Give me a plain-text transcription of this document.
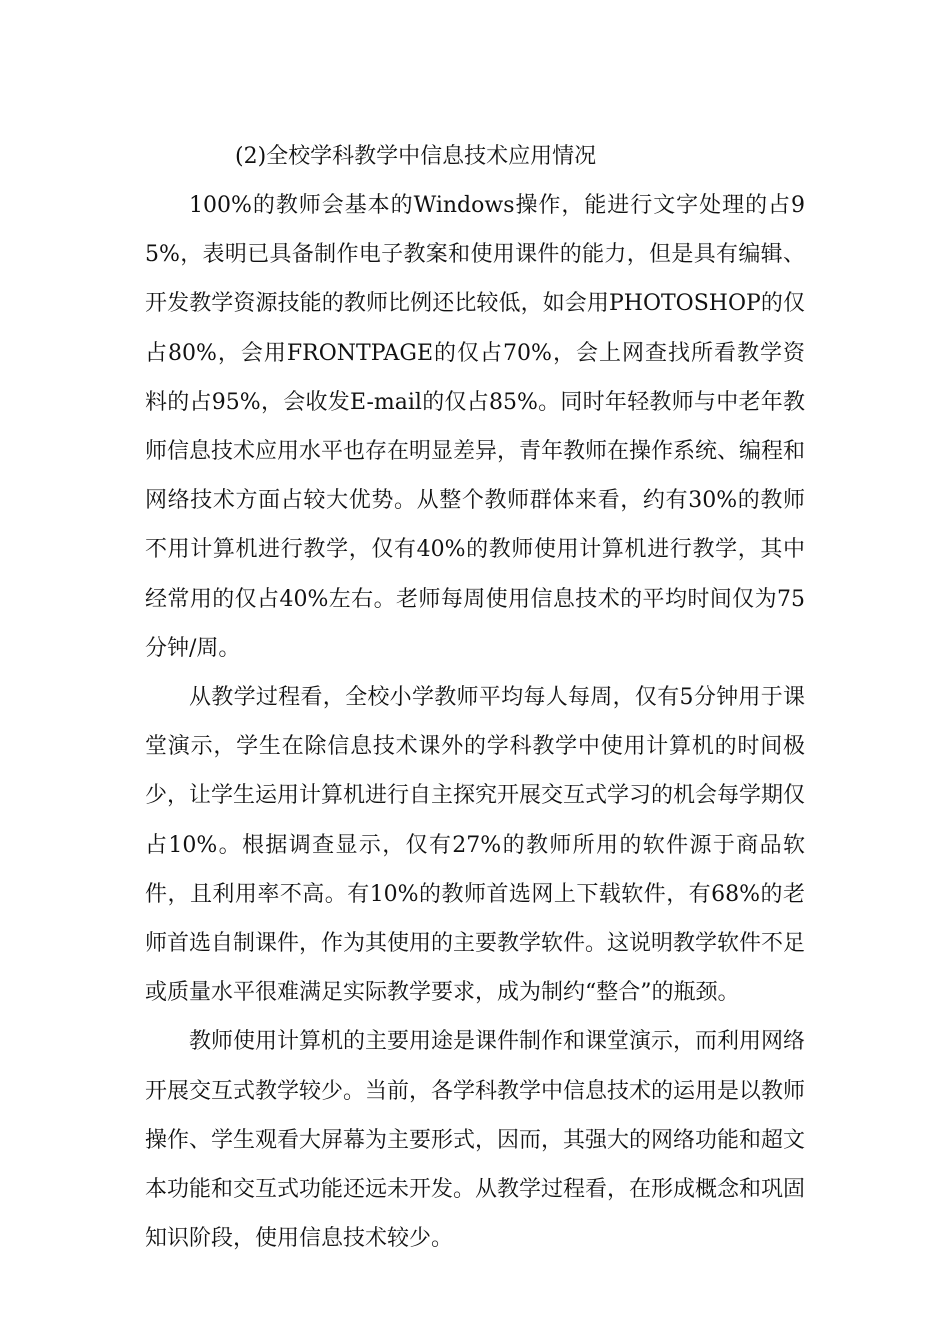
(2)全校学科教学中信息技术应用情况

100%的教师会基本的Windows操作，能进行文字处理的占95%，表明已具备制作电子教案和使用课件的能力，但是具有编辑、开发教学资源技能的教师比例还比较低，如会用PHOTOSHOP的仅占80%，会用FRONTPAGE的仅占70%，会上网查找所看教学资料的占95%，会收发E-mail的仅占85%。同时年轻教师与中老年教师信息技术应用水平也存在明显差异，青年教师在操作系统、编程和网络技术方面占较大优势。从整个教师群体来看，约有30%的教师不用计算机进行教学，仅有40%的教师使用计算机进行教学，其中经常用的仅占40%左右。老师每周使用信息技术的平均时间仅为75分钟/周。

从教学过程看，全校小学教师平均每人每周，仅有5分钟用于课堂演示，学生在除信息技术课外的学科教学中使用计算机的时间极少，让学生运用计算机进行自主探究开展交互式学习的机会每学期仅占10%。根据调查显示，仅有27%的教师所用的软件源于商品软件，且利用率不高。有10%的教师首选网上下载软件，有68%的老师首选自制课件，作为其使用的主要教学软件。这说明教学软件不足或质量水平很难满足实际教学要求，成为制约“整合”的瓶颈。

教师使用计算机的主要用途是课件制作和课堂演示，而利用网络开展交互式教学较少。当前，各学科教学中信息技术的运用是以教师操作、学生观看大屏幕为主要形式，因而，其强大的网络功能和超文本功能和交互式功能还远未开发。从教学过程看，在形成概念和巩固知识阶段，使用信息技术较少。
